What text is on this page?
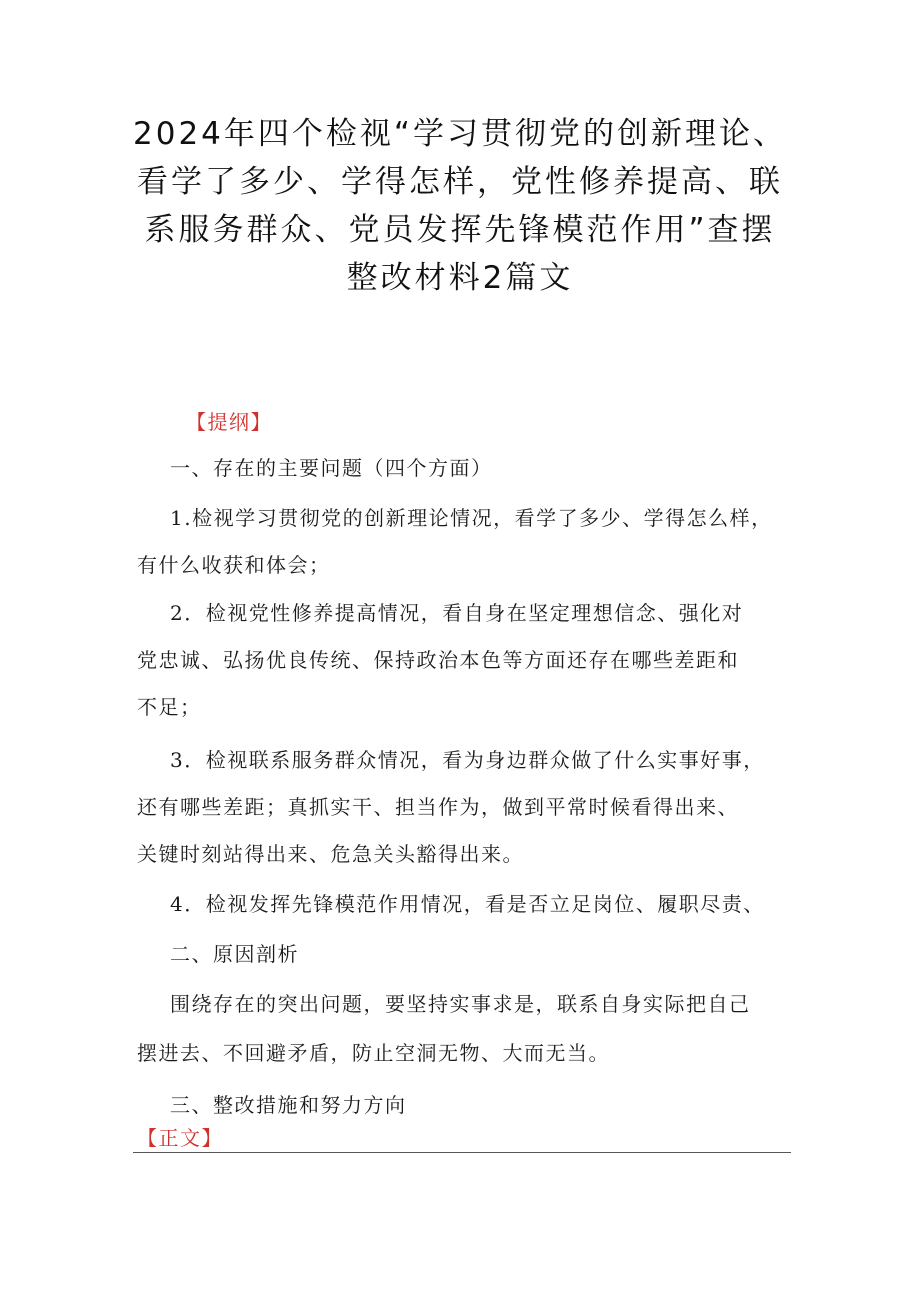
2024年四个检视“学习贯彻党的创新理论、
看学了多少、学得怎样，党性修养提高、联
系服务群众、党员发挥先锋模范作用”查摆
整改材料2篇文
【提纲】
一、存在的主要问题（四个方面）
1.检视学习贯彻党的创新理论情况，看学了多少、学得怎么样，
有什么收获和体会；
2．检视党性修养提高情况，看自身在坚定理想信念、强化对
党忠诚、弘扬优良传统、保持政治本色等方面还存在哪些差距和
不足；
3．检视联系服务群众情况，看为身边群众做了什么实事好事，
还有哪些差距；真抓实干、担当作为，做到平常时候看得出来、
关键时刻站得出来、危急关头豁得出来。
4．检视发挥先锋模范作用情况，看是否立足岗位、履职尽责、
二、原因剖析
围绕存在的突出问题，要坚持实事求是，联系自身实际把自己
摆进去、不回避矛盾，防止空洞无物、大而无当。
三、整改措施和努力方向
【正文】
